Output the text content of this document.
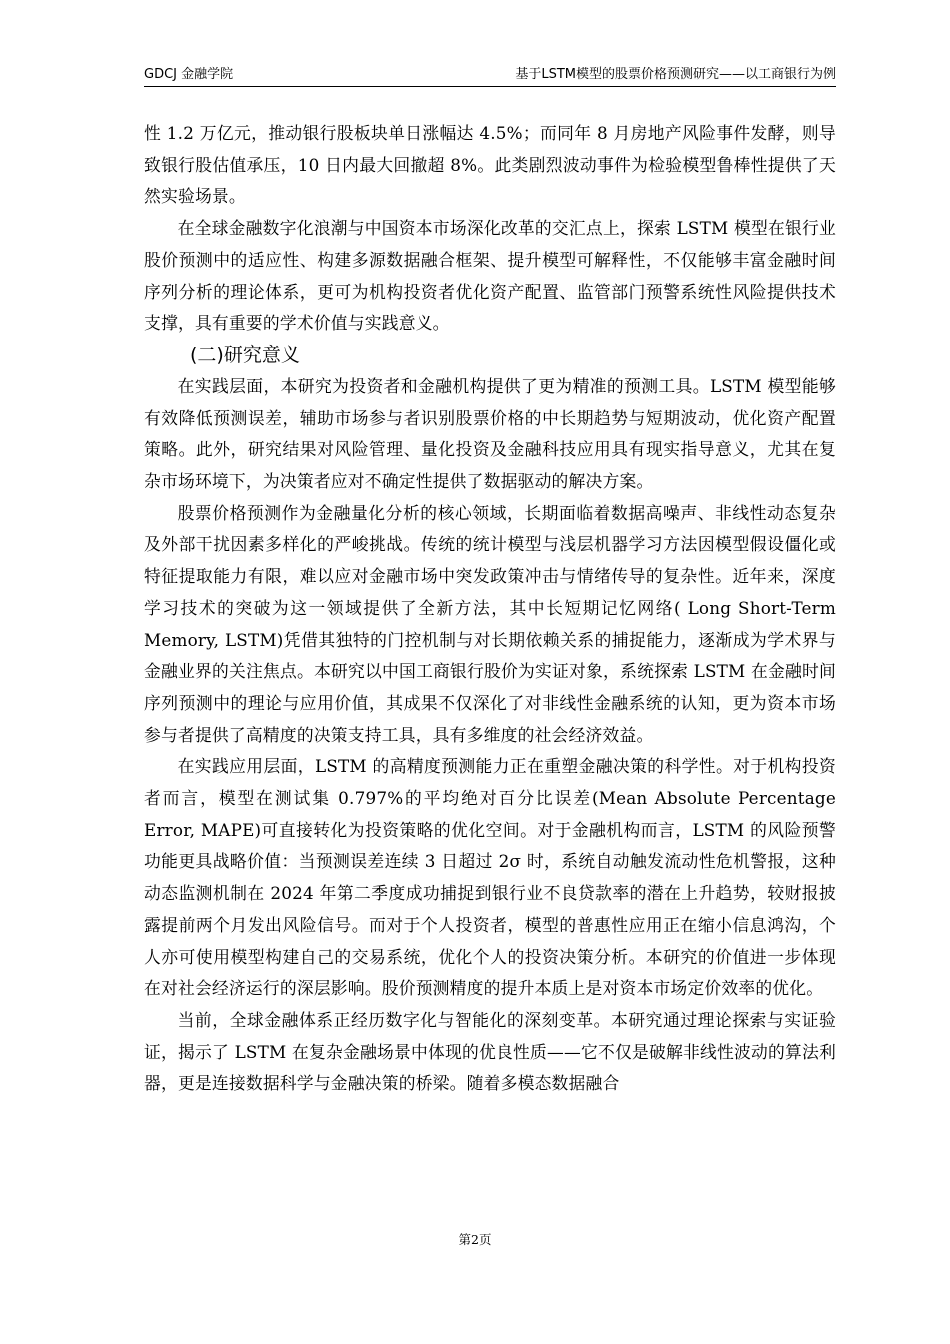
GDCJ 金融学院	基于LSTM模型的股票价格预测研究——以工商银行为例

性 1.2 万亿元，推动银行股板块单日涨幅达 4.5%；而同年 8 月房地产风险事件发酵，则导致银行股估值承压，10 日内最大回撤超 8%。此类剧烈波动事件为检验模型鲁棒性提供了天然实验场景。

在全球金融数字化浪潮与中国资本市场深化改革的交汇点上，探索 LSTM 模型在银行业股价预测中的适应性、构建多源数据融合框架、提升模型可解释性，不仅能够丰富金融时间序列分析的理论体系，更可为机构投资者优化资产配置、监管部门预警系统性风险提供技术支撑，具有重要的学术价值与实践意义。

(二)研究意义

在实践层面，本研究为投资者和金融机构提供了更为精准的预测工具。LSTM 模型能够有效降低预测误差，辅助市场参与者识别股票价格的中长期趋势与短期波动，优化资产配置策略。此外，研究结果对风险管理、量化投资及金融科技应用具有现实指导意义，尤其在复杂市场环境下，为决策者应对不确定性提供了数据驱动的解决方案。

股票价格预测作为金融量化分析的核心领域，长期面临着数据高噪声、非线性动态复杂及外部干扰因素多样化的严峻挑战。传统的统计模型与浅层机器学习方法因模型假设僵化或特征提取能力有限，难以应对金融市场中突发政策冲击与情绪传导的复杂性。近年来，深度学习技术的突破为这一领域提供了全新方法，其中长短期记忆网络( Long Short-Term Memory, LSTM)凭借其独特的门控机制与对长期依赖关系的捕捉能力，逐渐成为学术界与金融业界的关注焦点。本研究以中国工商银行股价为实证对象，系统探索 LSTM 在金融时间序列预测中的理论与应用价值，其成果不仅深化了对非线性金融系统的认知，更为资本市场参与者提供了高精度的决策支持工具，具有多维度的社会经济效益。

在实践应用层面，LSTM 的高精度预测能力正在重塑金融决策的科学性。对于机构投资者而言，模型在测试集 0.797%的平均绝对百分比误差(Mean Absolute Percentage Error, MAPE)可直接转化为投资策略的优化空间。对于金融机构而言，LSTM 的风险预警功能更具战略价值：当预测误差连续 3 日超过 2σ 时，系统自动触发流动性危机警报，这种动态监测机制在 2024 年第二季度成功捕捉到银行业不良贷款率的潜在上升趋势，较财报披露提前两个月发出风险信号。而对于个人投资者，模型的普惠性应用正在缩小信息鸿沟，个人亦可使用模型构建自己的交易系统，优化个人的投资决策分析。本研究的价值进一步体现在对社会经济运行的深层影响。股价预测精度的提升本质上是对资本市场定价效率的优化。

当前，全球金融体系正经历数字化与智能化的深刻变革。本研究通过理论探索与实证验证，揭示了 LSTM 在复杂金融场景中体现的优良性质——它不仅是破解非线性波动的算法利器，更是连接数据科学与金融决策的桥梁。随着多模态数据融合

第2页
